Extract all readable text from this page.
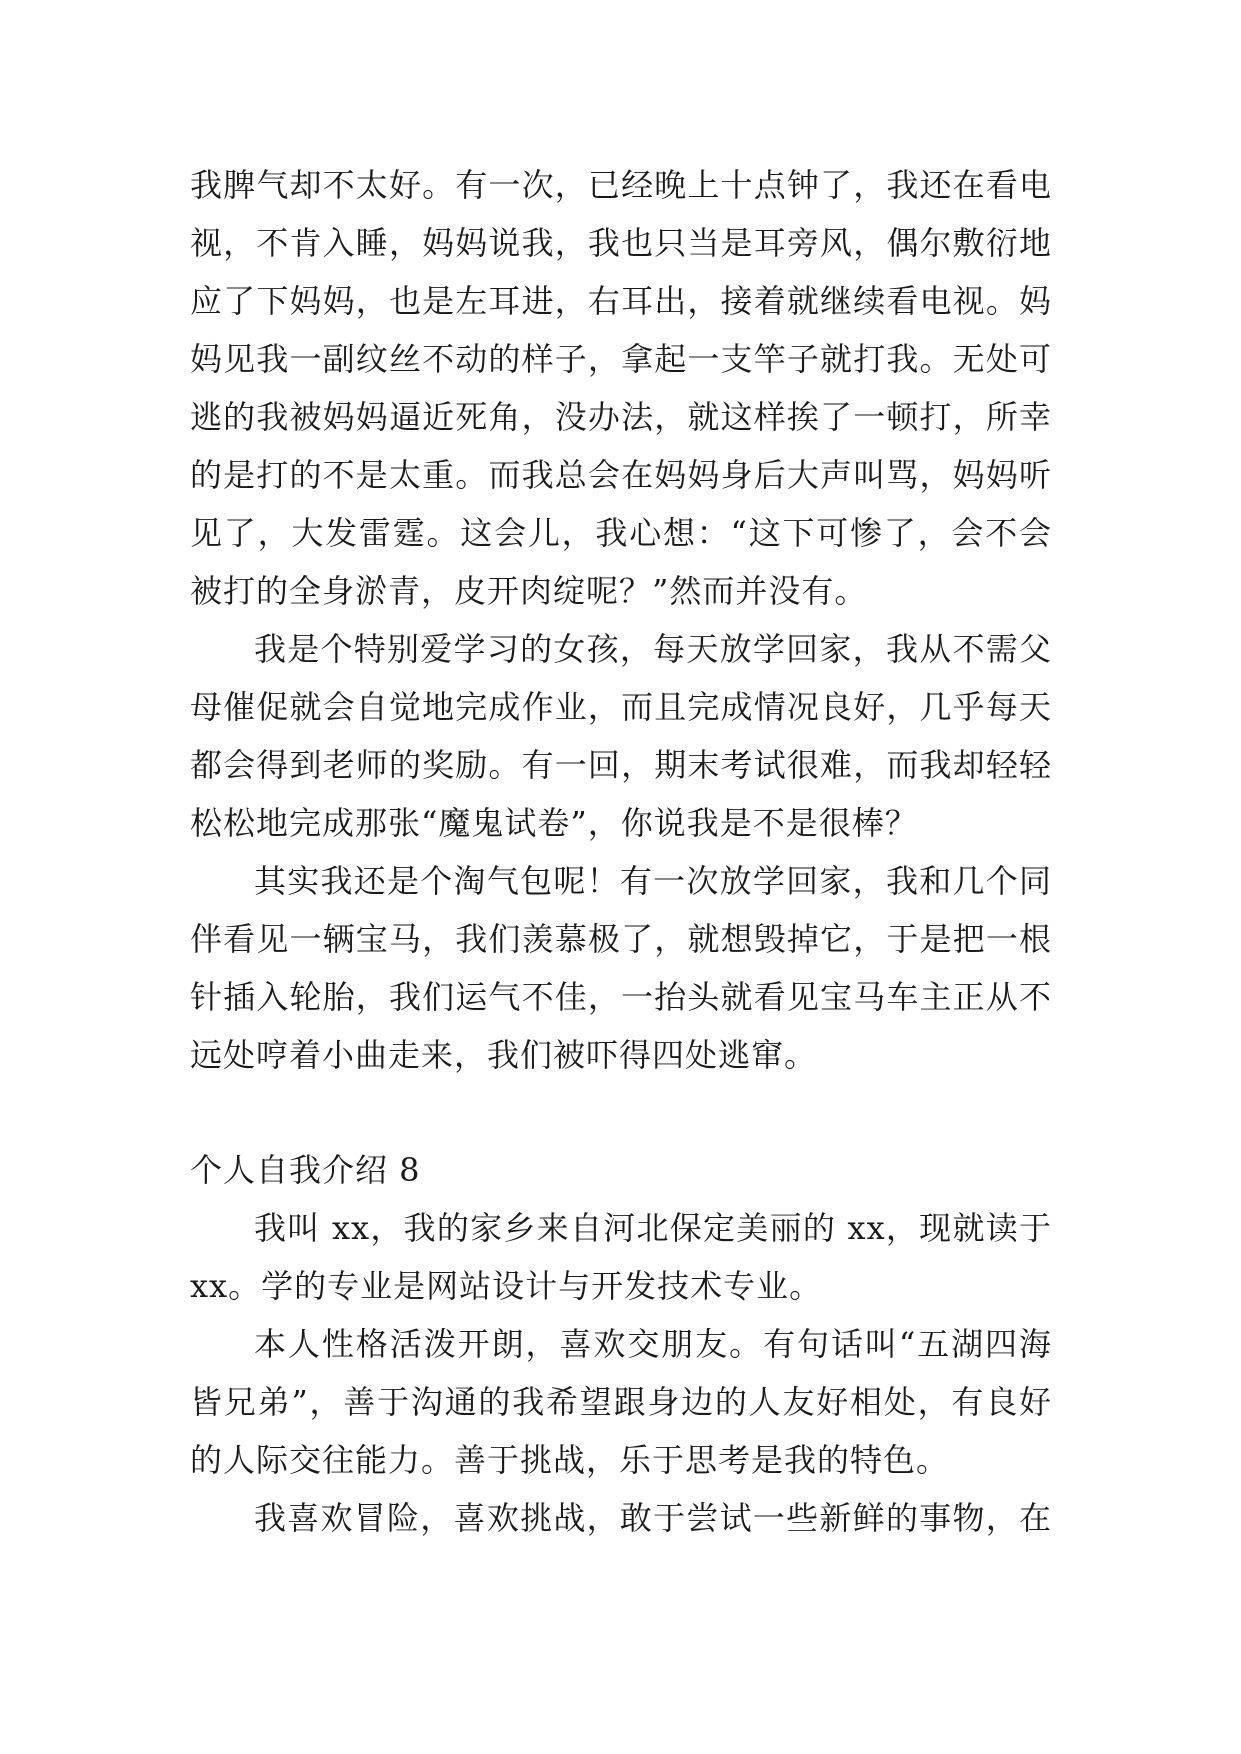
我脾气却不太好。有一次，已经晚上十点钟了，我还在看电
视，不肯入睡，妈妈说我，我也只当是耳旁风，偶尔敷衍地
应了下妈妈，也是左耳进，右耳出，接着就继续看电视。妈
妈见我一副纹丝不动的样子，拿起一支竿子就打我。无处可
逃的我被妈妈逼近死角，没办法，就这样挨了一顿打，所幸
的是打的不是太重。而我总会在妈妈身后大声叫骂，妈妈听
见了，大发雷霆。这会儿，我心想：“这下可惨了，会不会
被打的全身淤青，皮开肉绽呢？”然而并没有。
我是个特别爱学习的女孩，每天放学回家，我从不需父
母催促就会自觉地完成作业，而且完成情况良好，几乎每天
都会得到老师的奖励。有一回，期末考试很难，而我却轻轻
松松地完成那张“魔鬼试卷”，你说我是不是很棒？
其实我还是个淘气包呢！有一次放学回家，我和几个同
伴看见一辆宝马，我们羡慕极了，就想毁掉它，于是把一根
针插入轮胎，我们运气不佳，一抬头就看见宝马车主正从不
远处哼着小曲走来，我们被吓得四处逃窜。
个人自我介绍 8
我叫 xx，我的家乡来自河北保定美丽的 xx，现就读于
xx。学的专业是网站设计与开发技术专业。
本人性格活泼开朗，喜欢交朋友。有句话叫“五湖四海
皆兄弟”，善于沟通的我希望跟身边的人友好相处，有良好
的人际交往能力。善于挑战，乐于思考是我的特色。
我喜欢冒险，喜欢挑战，敢于尝试一些新鲜的事物，在
